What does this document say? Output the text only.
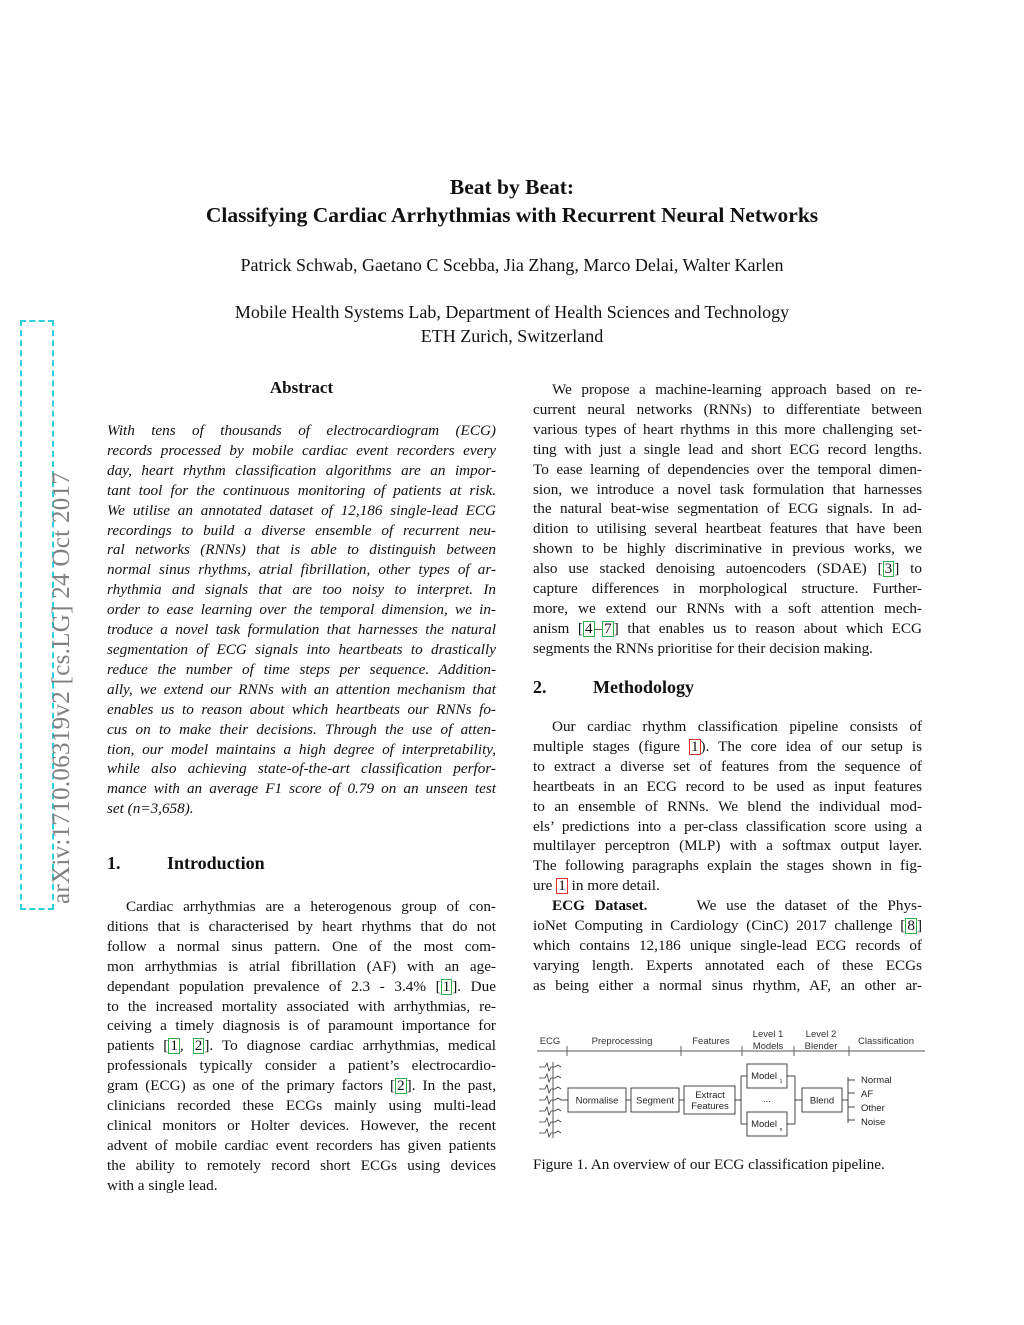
arXiv:1710.06319v2 [cs.LG] 24 Oct 2017
Beat by Beat:
Classifying Cardiac Arrhythmias with Recurrent Neural Networks
Patrick Schwab, Gaetano C Scebba, Jia Zhang, Marco Delai, Walter Karlen
Mobile Health Systems Lab, Department of Health Sciences and Technology
ETH Zurich, Switzerland
Abstract
With tens of thousands of electrocardiogram (ECG)
records processed by mobile cardiac event recorders every
day, heart rhythm classification algorithms are an impor-
tant tool for the continuous monitoring of patients at risk.
We utilise an annotated dataset of 12,186 single-lead ECG
recordings to build a diverse ensemble of recurrent neu-
ral networks (RNNs) that is able to distinguish between
normal sinus rhythms, atrial fibrillation, other types of ar-
rhythmia and signals that are too noisy to interpret. In
order to ease learning over the temporal dimension, we in-
troduce a novel task formulation that harnesses the natural
segmentation of ECG signals into heartbeats to drastically
reduce the number of time steps per sequence. Addition-
ally, we extend our RNNs with an attention mechanism that
enables us to reason about which heartbeats our RNNs fo-
cus on to make their decisions. Through the use of atten-
tion, our model maintains a high degree of interpretability,
while also achieving state-of-the-art classification perfor-
mance with an average F1 score of 0.79 on an unseen test
set (n=3,658).
1.	Introduction
Cardiac arrhythmias are a heterogenous group of con-
ditions that is characterised by heart rhythms that do not
follow a normal sinus pattern. One of the most com-
mon arrhythmias is atrial fibrillation (AF) with an age-
dependant population prevalence of 2.3 - 3.4% [ 1 ]. Due
to the increased mortality associated with arrhythmias, re-
ceiving a timely diagnosis is of paramount importance for
patients [ 1 , 2 ]. To diagnose cardiac arrhythmias, medical
professionals typically consider a patient’s electrocardio-
gram (ECG) as one of the primary factors [ 2 ]. In the past,
clinicians recorded these ECGs mainly using multi-lead
clinical monitors or Holter devices. However, the recent
advent of mobile cardiac event recorders has given patients
the ability to remotely record short ECGs using devices
with a single lead.
We propose a machine-learning approach based on re-
current neural networks (RNNs) to differentiate between
various types of heart rhythms in this more challenging set-
ting with just a single lead and short ECG record lengths.
To ease learning of dependencies over the temporal dimen-
sion, we introduce a novel task formulation that harnesses
the natural beat-wise segmentation of ECG signals. In ad-
dition to utilising several heartbeat features that have been
shown to be highly discriminative in previous works, we
also use stacked denoising autoencoders (SDAE) [ 3 ] to
capture differences in morphological structure. Further-
more, we extend our RNNs with a soft attention mech-
anism [ 4 – 7 ] that enables us to reason about which ECG
segments the RNNs prioritise for their decision making.
2.	Methodology
Our cardiac rhythm classification pipeline consists of
multiple stages (figure 1 ). The core idea of our setup is
to extract a diverse set of features from the sequence of
heartbeats in an ECG record to be used as input features
to an ensemble of RNNs. We blend the individual mod-
els’ predictions into a per-class classification score using a
multilayer perceptron (MLP) with a softmax output layer.
The following paragraphs explain the stages shown in fig-
ure 1 in more detail.
ECG Dataset.	We use the dataset of the Phys-
ioNet Computing in Cardiology (CinC) 2017 challenge [ 8 ]
which contains 12,186 unique single-lead ECG records of
varying length. Experts annotated each of these ECGs
as being either a normal sinus rhythm, AF, an other ar-
ECG	Preprocessing	Features
Level 1
Models
Level 2
Blender Classification
Normalise Segment Extract
Features
Model 1
...
Model n
Blend
Normal
AF
Other
Noise
Figure 1. An overview of our ECG classification pipeline.
